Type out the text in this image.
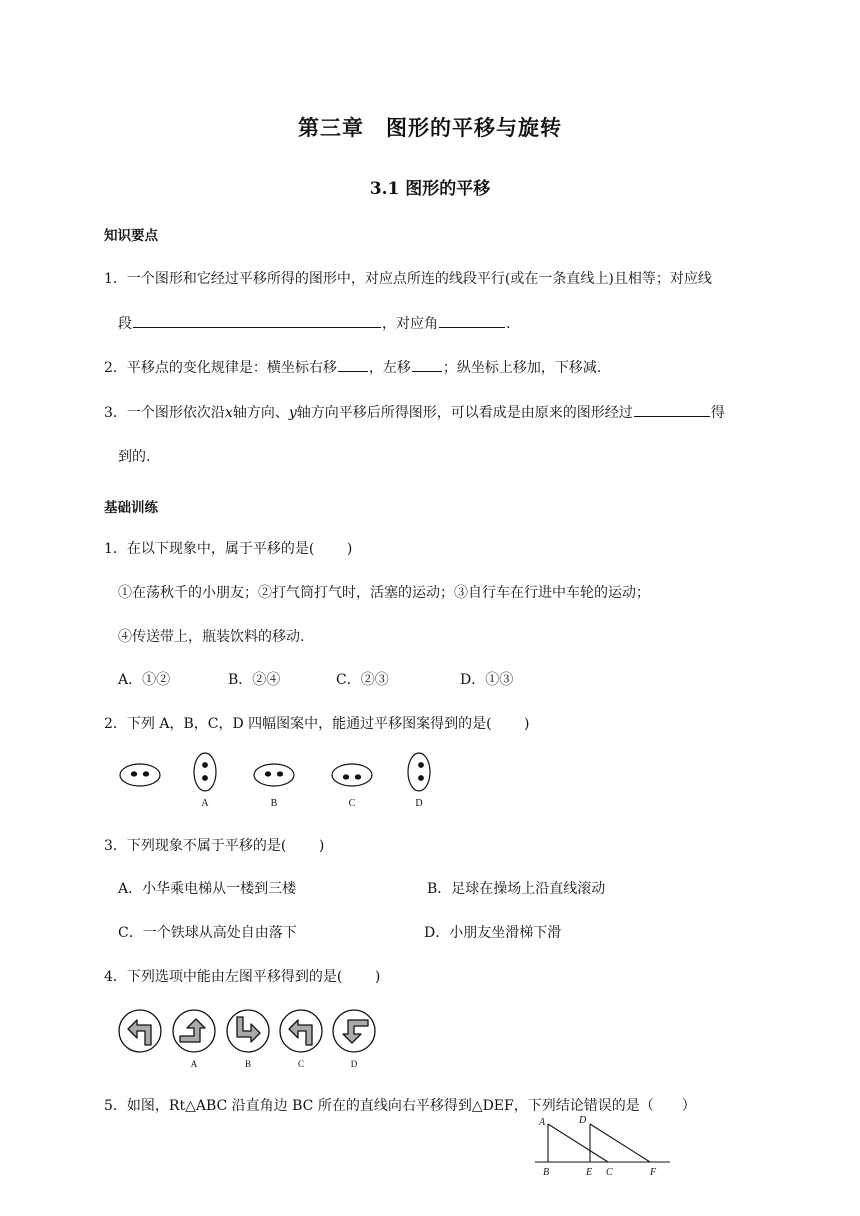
第三章　图形的平移与旋转
3.1 图形的平移
知识要点
1．一个图形和它经过平移所得的图形中，对应点所连的线段平行(或在一条直线上)且相等；对应线
段	，对应角	.
2．平移点的变化规律是：横坐标右移 ，左移 ；纵坐标上移加，下移减.
3．一个图形依次沿x轴方向、y轴方向平移后所得图形，可以看成是由原来的图形经过	得
到的.
基础训练
1．在以下现象中，属于平移的是(　　 )
①在荡秋千的小朋友；②打气筒打气时，活塞的运动；③自行车在行进中车轮的运动；
④传送带上，瓶装饮料的移动.
A．①②	B．②④	C．②③	D．①③
2．下列 A，B，C，D 四幅图案中，能通过平移图案得到的是(　　 )
A	B	C	D
3．下列现象不属于平移的是(　　 )
A．小华乘电梯从一楼到三楼	B．足球在操场上沿直线滚动
C．一个铁球从高处自由落下	D．小朋友坐滑梯下滑
4．下列选项中能由左图平移得到的是(　　 )
A	B	C	D
5．如图，Rt△ABC 沿直角边 BC 所在的直线向右平移得到△DEF，下列结论错误的是（　　）
A	D
B	E C	F
